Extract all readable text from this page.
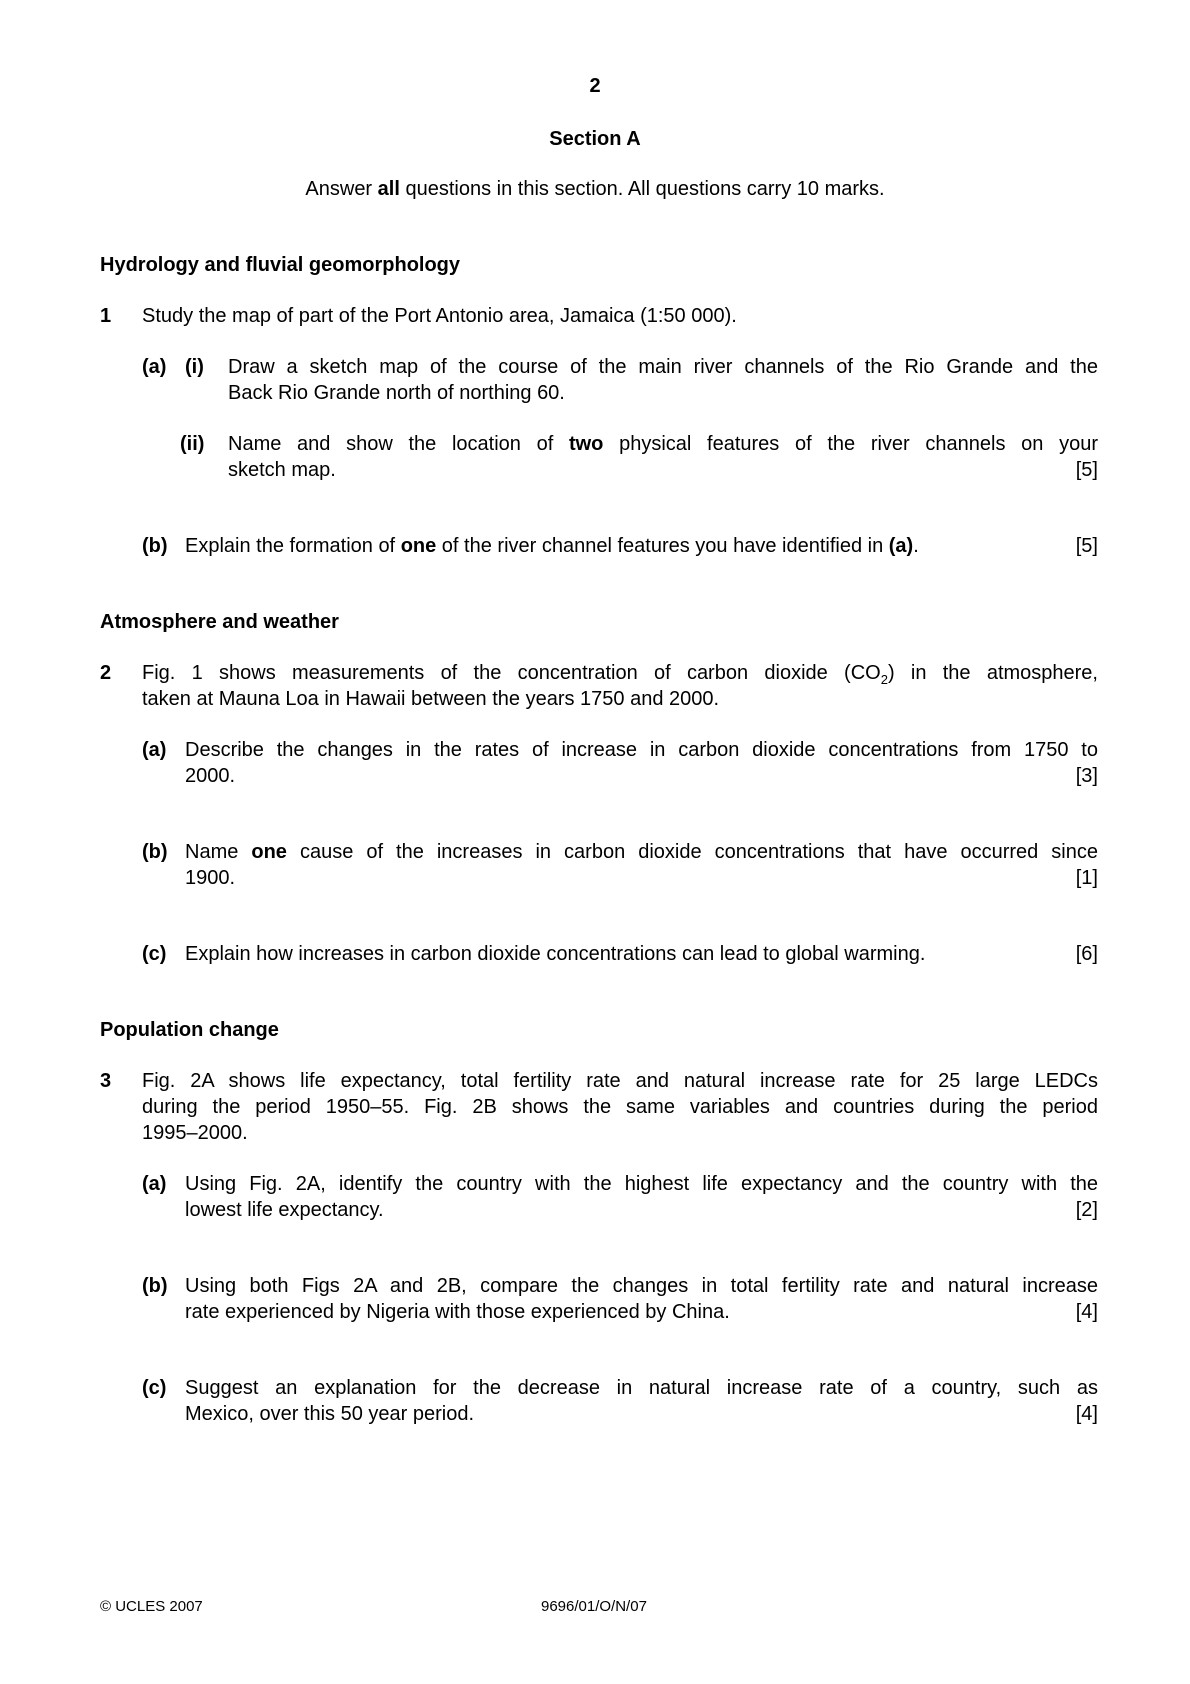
2
Section A
Answer all questions in this section. All questions carry 10 marks.
Hydrology and fluvial geomorphology
1 Study the map of part of the Port Antonio area, Jamaica (1:50 000).
(a) (i) Draw a sketch map of the course of the main river channels of the Rio Grande and the
Back Rio Grande north of northing 60.
(ii) Name and show the location of two physical features of the river channels on your
sketch map.	[5]
(b) Explain the formation of one of the river channel features you have identified in (a).	[5]
Atmosphere and weather
2 Fig. 1 shows measurements of the concentration of carbon dioxide $(CO_2)$ in the atmosphere,
taken at Mauna Loa in Hawaii between the years 1750 and 2000.
(a) Describe the changes in the rates of increase in carbon dioxide concentrations from 1750 to
2000.	[3]
(b) Name one cause of the increases in carbon dioxide concentrations that have occurred since
1900.	[1]
(c) Explain how increases in carbon dioxide concentrations can lead to global warming.	[6]
Population change
3 Fig. 2A shows life expectancy, total fertility rate and natural increase rate for 25 large LEDCs
during the period 1950–55. Fig. 2B shows the same variables and countries during the period
1995–2000.
(a) Using Fig. 2A, identify the country with the highest life expectancy and the country with the
lowest life expectancy.	[2]
(b) Using both Figs 2A and 2B, compare the changes in total fertility rate and natural increase
rate experienced by Nigeria with those experienced by China.	[4]
(c) Suggest an explanation for the decrease in natural increase rate of a country, such as
Mexico, over this 50 year period.	[4]
© UCLES 2007	9696/01/O/N/07
